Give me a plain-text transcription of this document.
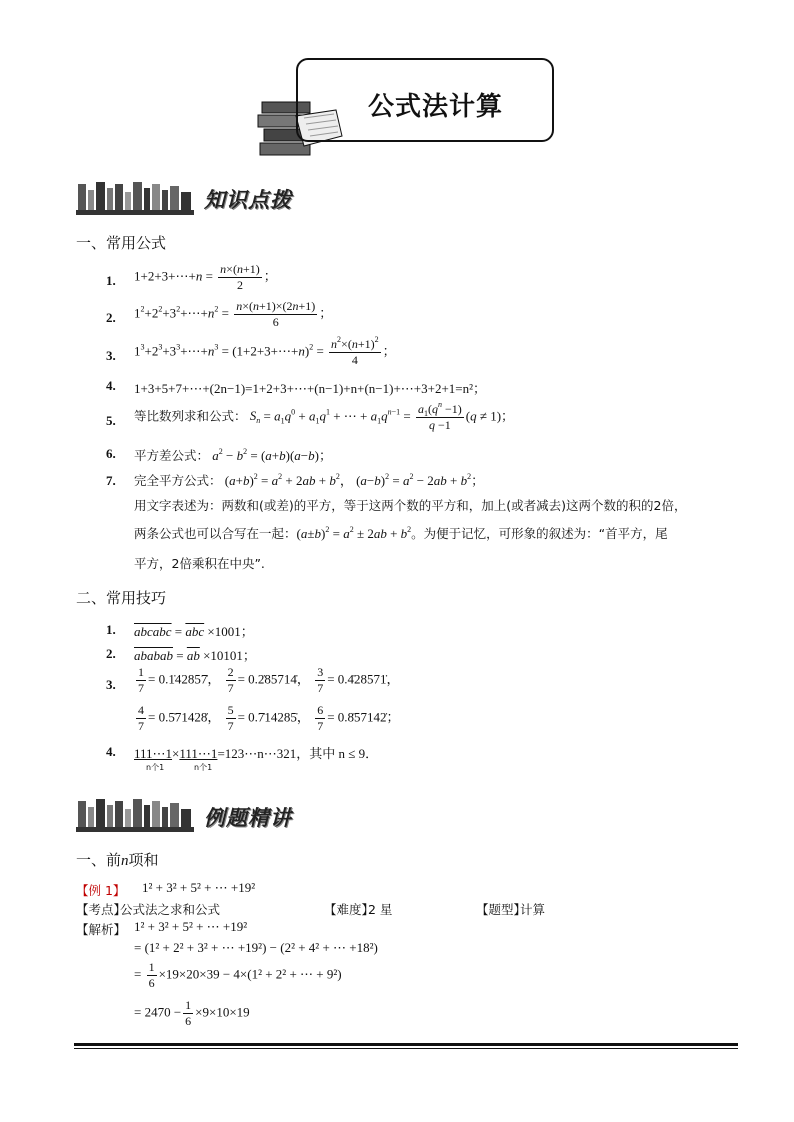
公式法计算
知识点拨
一、常用公式
1. 1+2+3+⋯+n = $\frac{n\times(n+1)}{2}$ ；
2. $1^2+2^2+3^2+\cdots+n^2 = \frac{n\times(n+1)\times(2n+1)}{6}$ ；
3. $1^3+2^3+3^3+\cdots+n^3$ = (1+2+3+⋯+n)$^2$ = $\frac{n^2\times(n+1)^2}{4}$ ；
4. 1+3+5+7+⋯+(2n−1)=1+2+3+⋯+(n−1)+n+(n−1)+⋯+3+2+1=n²；
5. 等比数列求和公式： $S_n = a_1q^0 + a_1q^1$ + ⋯ + $a_1q^{n-1} = \frac{a_1(q^n -1)}{q -1} (q \ne 1)$；
6. 平方差公式： $a^2 - b^2 = (a+b)(a-b)$；
7. 完全平方公式： $(a+b)^2 = a^2 + 2ab + b^2$， $(a-b)^2 = a^2 - 2ab + b^2$；
用文字表述为：两数和(或差)的平方，等于这两个数的平方和，加上(或者减去)这两个数的积的2倍，
两条公式也可以合写在一起：$(a\pm b)^2 = a^2 \pm 2ab + b^2$。为便于记忆，可形象的叙述为：“首平方，尾
平方，2倍乘积在中央”.
二、常用技巧
1. abcabc = $\overline{abc} \times 1001$；
2. ababab = $\overline{ab} \times 10101$；
3. $\frac{1}{7}$ = 0.1̇42857̇， $\frac{2}{7}$ = 0.2̇85714̇， $\frac{3}{7}$ = 0.4̇28571̇，
$\frac{4}{7}$ = 0.5̇71428̇， $\frac{5}{7}$ = 0.7̇14285̇， $\frac{6}{7}$ = 0.8̇57142̇；
4. 111⋯1×111⋯1=123⋯n⋯321，其中 n ≤ 9．
n个1	n个1
例题精讲
一、前n项和
【例 1】 1² + 3² + 5² + ⋯ +19²
【考点】
公式法之求和公式	【难度】
2 星	【题型】
计算
【解析】 1² + 3² + 5² + ⋯ +19²
= (1² + 2² + 3² + ⋯ +19²) − (2² + 4² + ⋯ +18²)
= $\frac{1}{6} \times 19\times 20\times 39 - 4\times(1^2 + 2^2$ + ⋯ + 9²)
= $2470 - \frac{1}{6} \times 9\times 10\times 19$
